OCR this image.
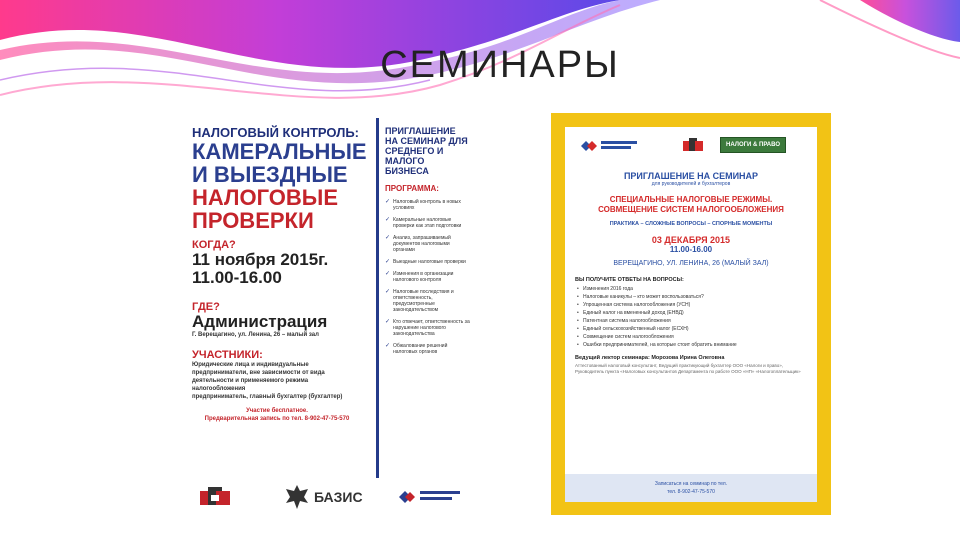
СЕМИНАРЫ
НАЛОГОВЫЙ КОНТРОЛЬ:
КАМЕРАЛЬНЫЕ
И ВЫЕЗДНЫЕ
НАЛОГОВЫЕ
ПРОВЕРКИ
КОГДА?
11 ноября 2015г.
11.00-16.00
ГДЕ?
Администрация
Г. Верещагино, ул. Ленина, 26 – малый зал
УЧАСТНИКИ:
Юридические лица и индивидуальные предприниматели, вне зависимости от вида деятельности и применяемого режима налогообложения
предприниматель, главный бухгалтер (бухгалтер)
Участие бесплатное.
Предварительная запись по тел. 8-902-47-75-570
ПРИГЛАШЕНИЕ НА СЕМИНАР ДЛЯ СРЕДНЕГО И МАЛОГО БИЗНЕСА
ПРОГРАММА:
✓ Налоговый контроль в новых условиях
✓ Камеральные налоговые проверки как этап подготовки
✓ Анализ, запрашиваемый документов налоговыми органами
✓ Выездные налоговые проверки
✓ Изменения в организации налогового контроля
✓ Налоговые последствия и ответственность, предусмотренные законодательством
✓ Кто отвечает, ответственность за нарушение налогового законодательства
✓ Обжалование решений налоговых органов
БАЗИС
НАЛОГИ & ПРАВО
ПРИГЛАШЕНИЕ НА СЕМИНАР
для руководителей и бухгалтеров
СПЕЦИАЛЬНЫЕ НАЛОГОВЫЕ РЕЖИМЫ.
СОВМЕЩЕНИЕ СИСТЕМ НАЛОГООБЛОЖЕНИЯ
ПРАКТИКА – СЛОЖНЫЕ ВОПРОСЫ – СПОРНЫЕ МОМЕНТЫ
03 ДЕКАБРЯ 2015
11.00-16.00
ВЕРЕЩАГИНО, УЛ. ЛЕНИНА, 26 (МАЛЫЙ ЗАЛ)
ВЫ ПОЛУЧИТЕ ОТВЕТЫ НА ВОПРОСЫ:
• Изменения 2016 года
• Налоговые каникулы – кто может воспользоваться?
• Упрощенная система налогообложения (УСН)
• Единый налог на вмененный доход (ЕНВД)
• Патентная система налогообложения
• Единый сельскохозяйственный налог (ЕСХН)
• Совмещение систем налогообложения
• Ошибки предпринимателей, на которые стоит обратить внимание
Ведущий лектор семинара: Морозова Ирина Олеговна
Аттестованный налоговый консультант, Ведущий практикующий бухгалтер ООО «Налоги и право», Руководитель пункта «Налоговых консультантов Департамента по работе ООО «НП» «Налогоплательщик»
Записаться на семинар по тел.
тел. 8-902-47-75-570
